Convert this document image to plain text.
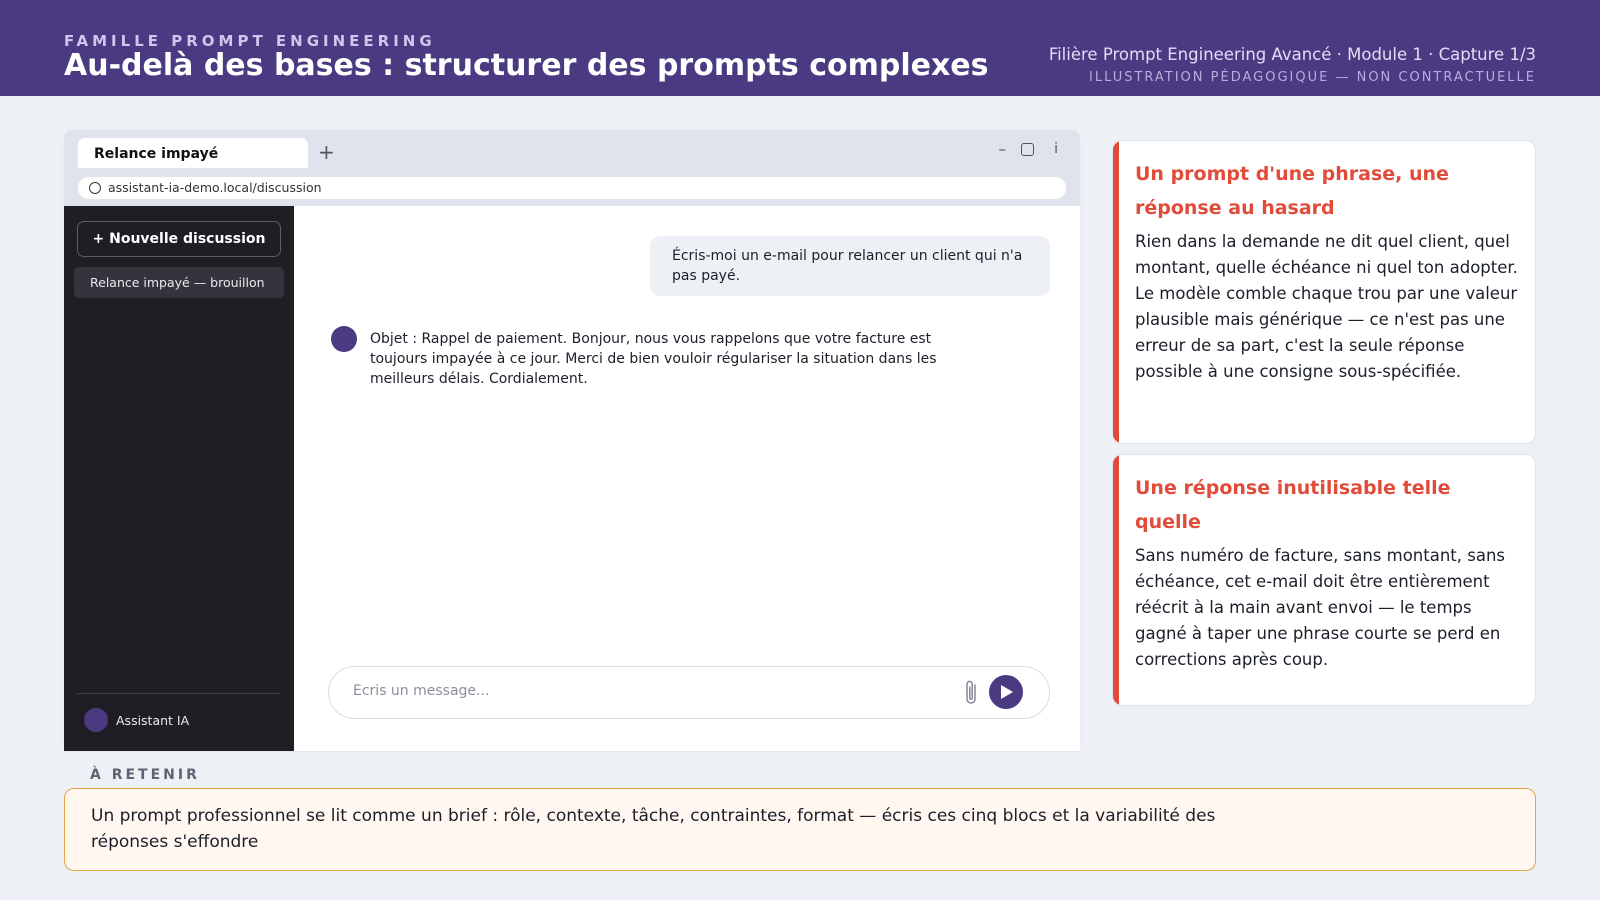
FAMILLE PROMPT ENGINEERING
Au-delà des bases : structurer des prompts complexes	Filière Prompt Engineering Avancé · Module 1 · Capture 1/3
ILLUSTRATION PÉDAGOGIQUE — NON CONTRACTUELLE
Relance impayé	+	–	i
assistant-ia-demo.local/discussion
+ Nouvelle discussion
Relance impayé — brouillon
Assistant IA
Écris-moi un e-mail pour relancer un client qui n'a pas payé.
Objet : Rappel de paiement. Bonjour, nous vous rappelons que votre facture est toujours impayée à ce jour. Merci de bien vouloir régulariser la situation dans les meilleurs délais. Cordialement.
Écris un message...
Un prompt d'une phrase, une réponse au hasard
Rien dans la demande ne dit quel client, quel montant, quelle échéance ni quel ton adopter. Le modèle comble chaque trou par une valeur plausible mais générique — ce n'est pas une erreur de sa part, c'est la seule réponse possible à une consigne sous-spécifiée.
Une réponse inutilisable telle quelle
Sans numéro de facture, sans montant, sans échéance, cet e-mail doit être entièrement réécrit à la main avant envoi — le temps gagné à taper une phrase courte se perd en corrections après coup.
À RETENIR
Un prompt professionnel se lit comme un brief : rôle, contexte, tâche, contraintes, format — écris ces cinq blocs et la variabilité des réponses s'effondre
